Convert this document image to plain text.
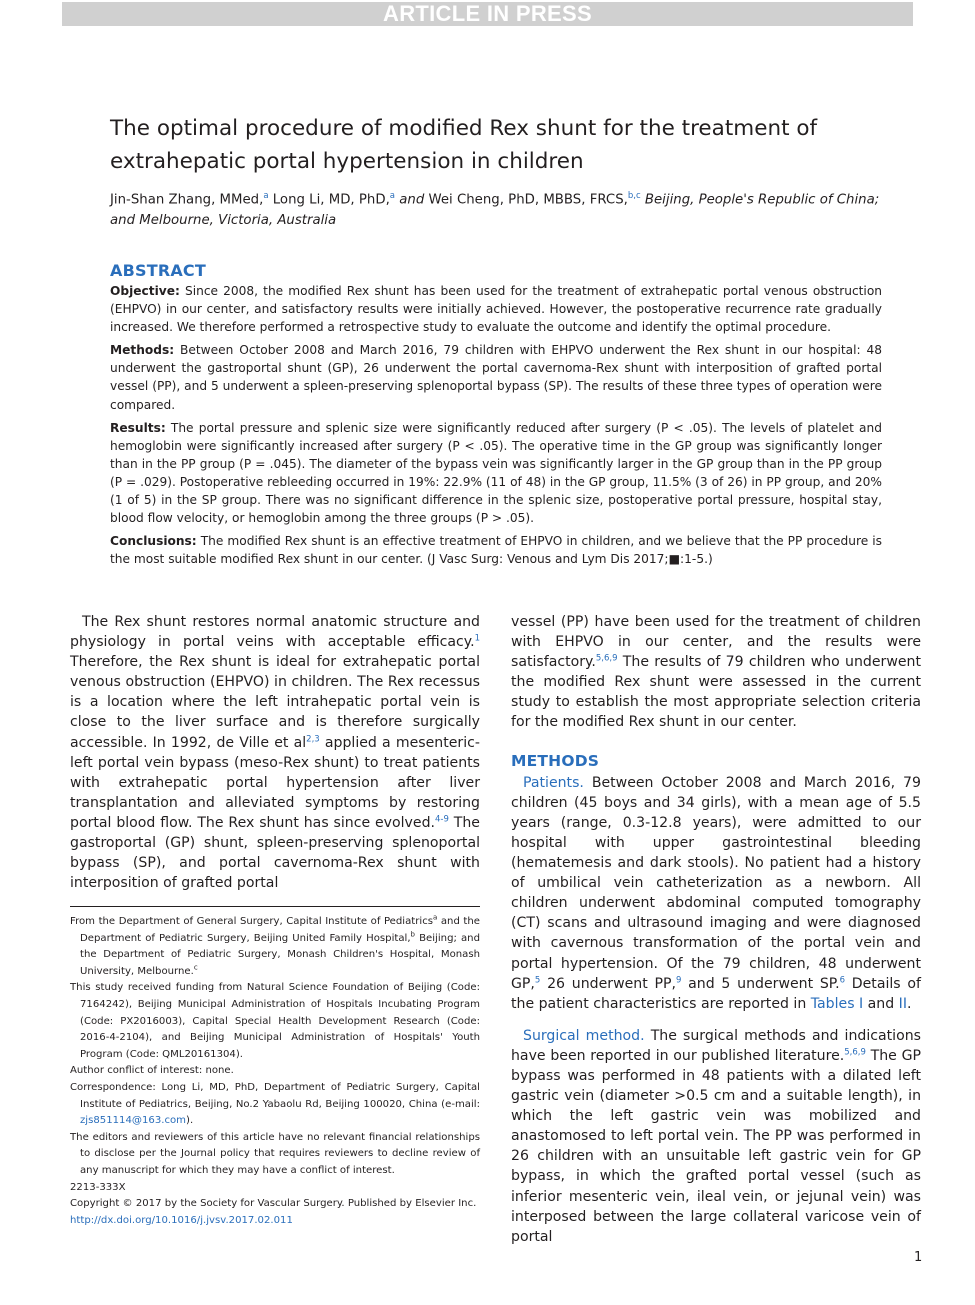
ARTICLE IN PRESS
The optimal procedure of modified Rex shunt for the treatment of extrahepatic portal hypertension in children
Jin-Shan Zhang, MMed,$^a$ Long Li, MD, PhD,$^a$ and Wei Cheng, PhD, MBBS, FRCS,$^{b,c}$ Beijing, People's Republic of China; and Melbourne, Victoria, Australia
ABSTRACT

Objective: Since 2008, the modified Rex shunt has been used for the treatment of extrahepatic portal venous obstruction (EHPVO) in our center, and satisfactory results were initially achieved. However, the postoperative recurrence rate gradually increased. We therefore performed a retrospective study to evaluate the outcome and identify the optimal procedure.

Methods: Between October 2008 and March 2016, 79 children with EHPVO underwent the Rex shunt in our hospital: 48 underwent the gastroportal shunt (GP), 26 underwent the portal cavernoma-Rex shunt with interposition of grafted portal vessel (PP), and 5 underwent a spleen-preserving splenoportal bypass (SP). The results of these three types of operation were compared.

Results: The portal pressure and splenic size were significantly reduced after surgery (P < .05). The levels of platelet and hemoglobin were significantly increased after surgery (P < .05). The operative time in the GP group was significantly longer than in the PP group (P = .045). The diameter of the bypass vein was significantly larger in the GP group than in the PP group (P = .029). Postoperative rebleeding occurred in 19%: 22.9% (11 of 48) in the GP group, 11.5% (3 of 26) in PP group, and 20% (1 of 5) in the SP group. There was no significant difference in the splenic size, postoperative portal pressure, hospital stay, blood flow velocity, or hemoglobin among the three groups (P > .05).

Conclusions: The modified Rex shunt is an effective treatment of EHPVO in children, and we believe that the PP procedure is the most suitable modified Rex shunt in our center. (J Vasc Surg: Venous and Lym Dis 2017;■:1-5.)

The Rex shunt restores normal anatomic structure and physiology in portal veins with acceptable efficacy.$^1$ Therefore, the Rex shunt is ideal for extrahepatic portal venous obstruction (EHPVO) in children. The Rex recessus is a location where the left intrahepatic portal vein is close to the liver surface and is therefore surgically accessible. In 1992, de Ville et al$^{2,3}$ applied a mesenteric-left portal vein bypass (meso-Rex shunt) to treat patients with extrahepatic portal hypertension after liver transplantation and alleviated symptoms by restoring portal blood flow. The Rex shunt has since evolved.$^{4-9}$ The gastroportal (GP) shunt, spleen-preserving splenoportal bypass (SP), and portal cavernoma-Rex shunt with interposition of grafted portal

vessel (PP) have been used for the treatment of children with EHPVO in our center, and the results were satisfactory.$^{5,6,9}$ The results of 79 children who underwent the modified Rex shunt were assessed in the current study to establish the most appropriate selection criteria for the modified Rex shunt in our center.

METHODS

Patients. Between October 2008 and March 2016, 79 children (45 boys and 34 girls), with a mean age of 5.5 years (range, 0.3-12.8 years), were admitted to our hospital with upper gastrointestinal bleeding (hematemesis and dark stools). No patient had a history of umbilical vein catheterization as a newborn. All children underwent abdominal computed tomography (CT) scans and ultrasound imaging and were diagnosed with cavernous transformation of the portal vein and portal hypertension. Of the 79 children, 48 underwent GP,$^5$ 26 underwent PP,$^9$ and 5 underwent SP.$^6$ Details of the patient characteristics are reported in Tables I and II.

Surgical method. The surgical methods and indications have been reported in our published literature.$^{5,6,9}$ The GP bypass was performed in 48 patients with a dilated left gastric vein (diameter >0.5 cm and a suitable length), in which the left gastric vein was mobilized and anastomosed to left portal vein. The PP was performed in 26 children with an unsuitable left gastric vein for GP bypass, in which the grafted portal vessel (such as inferior mesenteric vein, ileal vein, or jejunal vein) was interposed between the large collateral varicose vein of portal

From the Department of General Surgery, Capital Institute of Pediatrics$^a$ and the Department of Pediatric Surgery, Beijing United Family Hospital,$^b$ Beijing; and the Department of Pediatric Surgery, Monash Children's Hospital, Monash University, Melbourne.$^c$

This study received funding from Natural Science Foundation of Beijing (Code: 7164242), Beijing Municipal Administration of Hospitals Incubating Program (Code: PX2016003), Capital Special Health Development Research (Code: 2016-4-2104), and Beijing Municipal Administration of Hospitals' Youth Program (Code: QML20161304).

Author conflict of interest: none.

Correspondence: Long Li, MD, PhD, Department of Pediatric Surgery, Capital Institute of Pediatrics, Beijing, No.2 Yabaolu Rd, Beijing 100020, China (e-mail: zjs851114@163.com).

The editors and reviewers of this article have no relevant financial relationships to disclose per the Journal policy that requires reviewers to decline review of any manuscript for which they may have a conflict of interest.

2213-333X

Copyright © 2017 by the Society for Vascular Surgery. Published by Elsevier Inc.

http://dx.doi.org/10.1016/j.jvsv.2017.02.011

1
